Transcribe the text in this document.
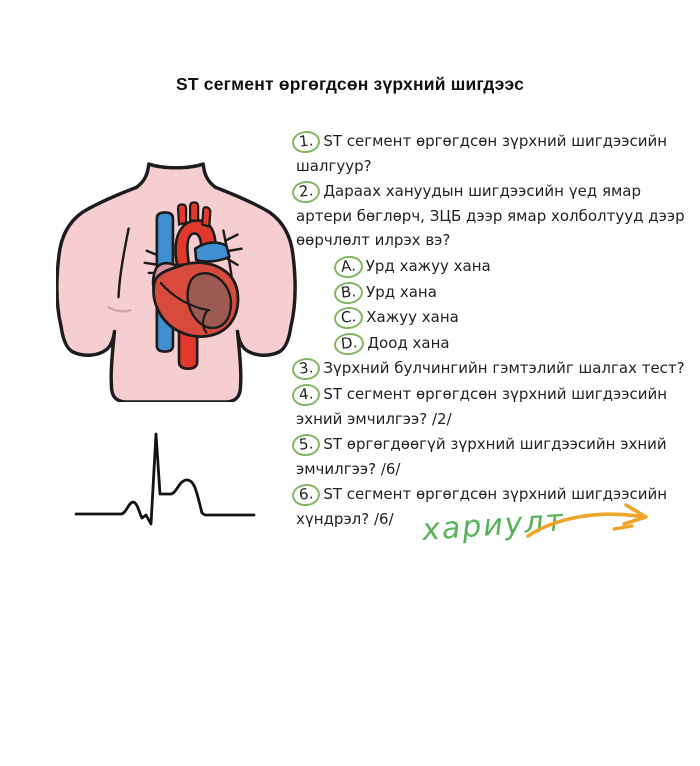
ST сегмент өргөгдсөн зүрхний шигдээс
1. ST сегмент өргөгдсөн зүрхний шигдээсийн шалгуур?
2. Дараах хануудын шигдээсийн үед ямар артери бөглөрч, ЗЦБ дээр ямар холболтууд дээр өөрчлөлт илрэх вэ?
A. Урд хажуу хана
B. Урд хана
C. Хажуу хана
D. Доод хана
3. Зүрхний булчингийн гэмтэлийг шалгах тест?
4. ST сегмент өргөгдсөн зүрхний шигдээсийн эхний эмчилгээ? /2/
5. ST өргөгдөөгүй зүрхний шигдээсийн эхний эмчилгээ? /6/
6. ST сегмент өргөгдсөн зүрхний шигдээсийн хүндрэл? /6/ хариулт
